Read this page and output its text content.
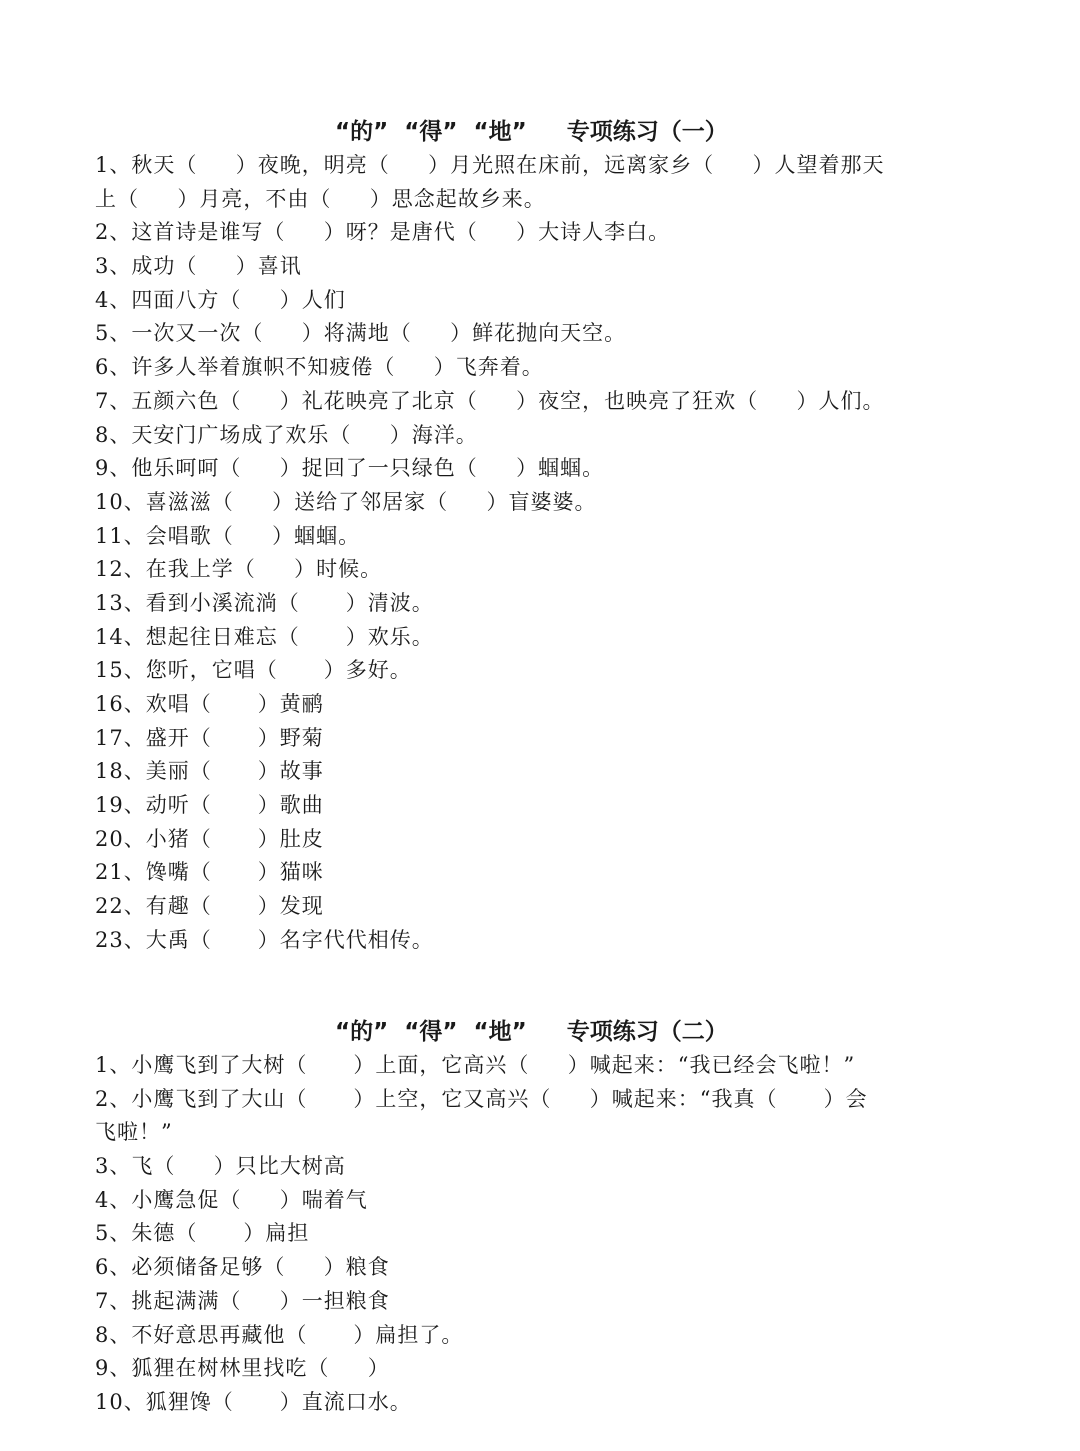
“的”  “得”  “地”     专项练习（一）
1、秋天（     ）夜晚，明亮（     ）月光照在床前，远离家乡（     ）人望着那天
上（     ）月亮，不由（     ）思念起故乡来。
2、这首诗是谁写（     ）呀？是唐代（     ）大诗人李白。
3、成功（     ）喜讯
4、四面八方（     ）人们
5、一次又一次（     ）将满地（     ）鲜花抛向天空。
6、许多人举着旗帜不知疲倦（     ）飞奔着。
7、五颜六色（     ）礼花映亮了北京（     ）夜空，也映亮了狂欢（     ）人们。
8、天安门广场成了欢乐（     ）海洋。
9、他乐呵呵（     ）捉回了一只绿色（     ）蝈蝈。
10、喜滋滋（     ）送给了邻居家（     ）盲婆婆。
11、会唱歌（     ）蝈蝈。
12、在我上学（     ）时候。
13、看到小溪流淌（      ）清波。
14、想起往日难忘（      ）欢乐。
15、您听，它唱（      ）多好。
16、欢唱（      ）黄鹂
17、盛开（      ）野菊
18、美丽（      ）故事
19、动听（      ）歌曲
20、小猪（      ）肚皮
21、馋嘴（      ）猫咪
22、有趣（      ）发现
23、大禹（      ）名字代代相传。
“的”  “得”  “地”     专项练习（二）
1、小鹰飞到了大树（      ）上面，它高兴（     ）喊起来：“我已经会飞啦！”
2、小鹰飞到了大山（      ）上空，它又高兴（     ）喊起来：“我真（      ）会
飞啦！”
3、飞（     ）只比大树高
4、小鹰急促（     ）喘着气
5、朱德（      ）扁担
6、必须储备足够（     ）粮食
7、挑起满满（     ）一担粮食
8、不好意思再藏他（      ）扁担了。
9、狐狸在树林里找吃（     ）
10、狐狸馋（      ）直流口水。
